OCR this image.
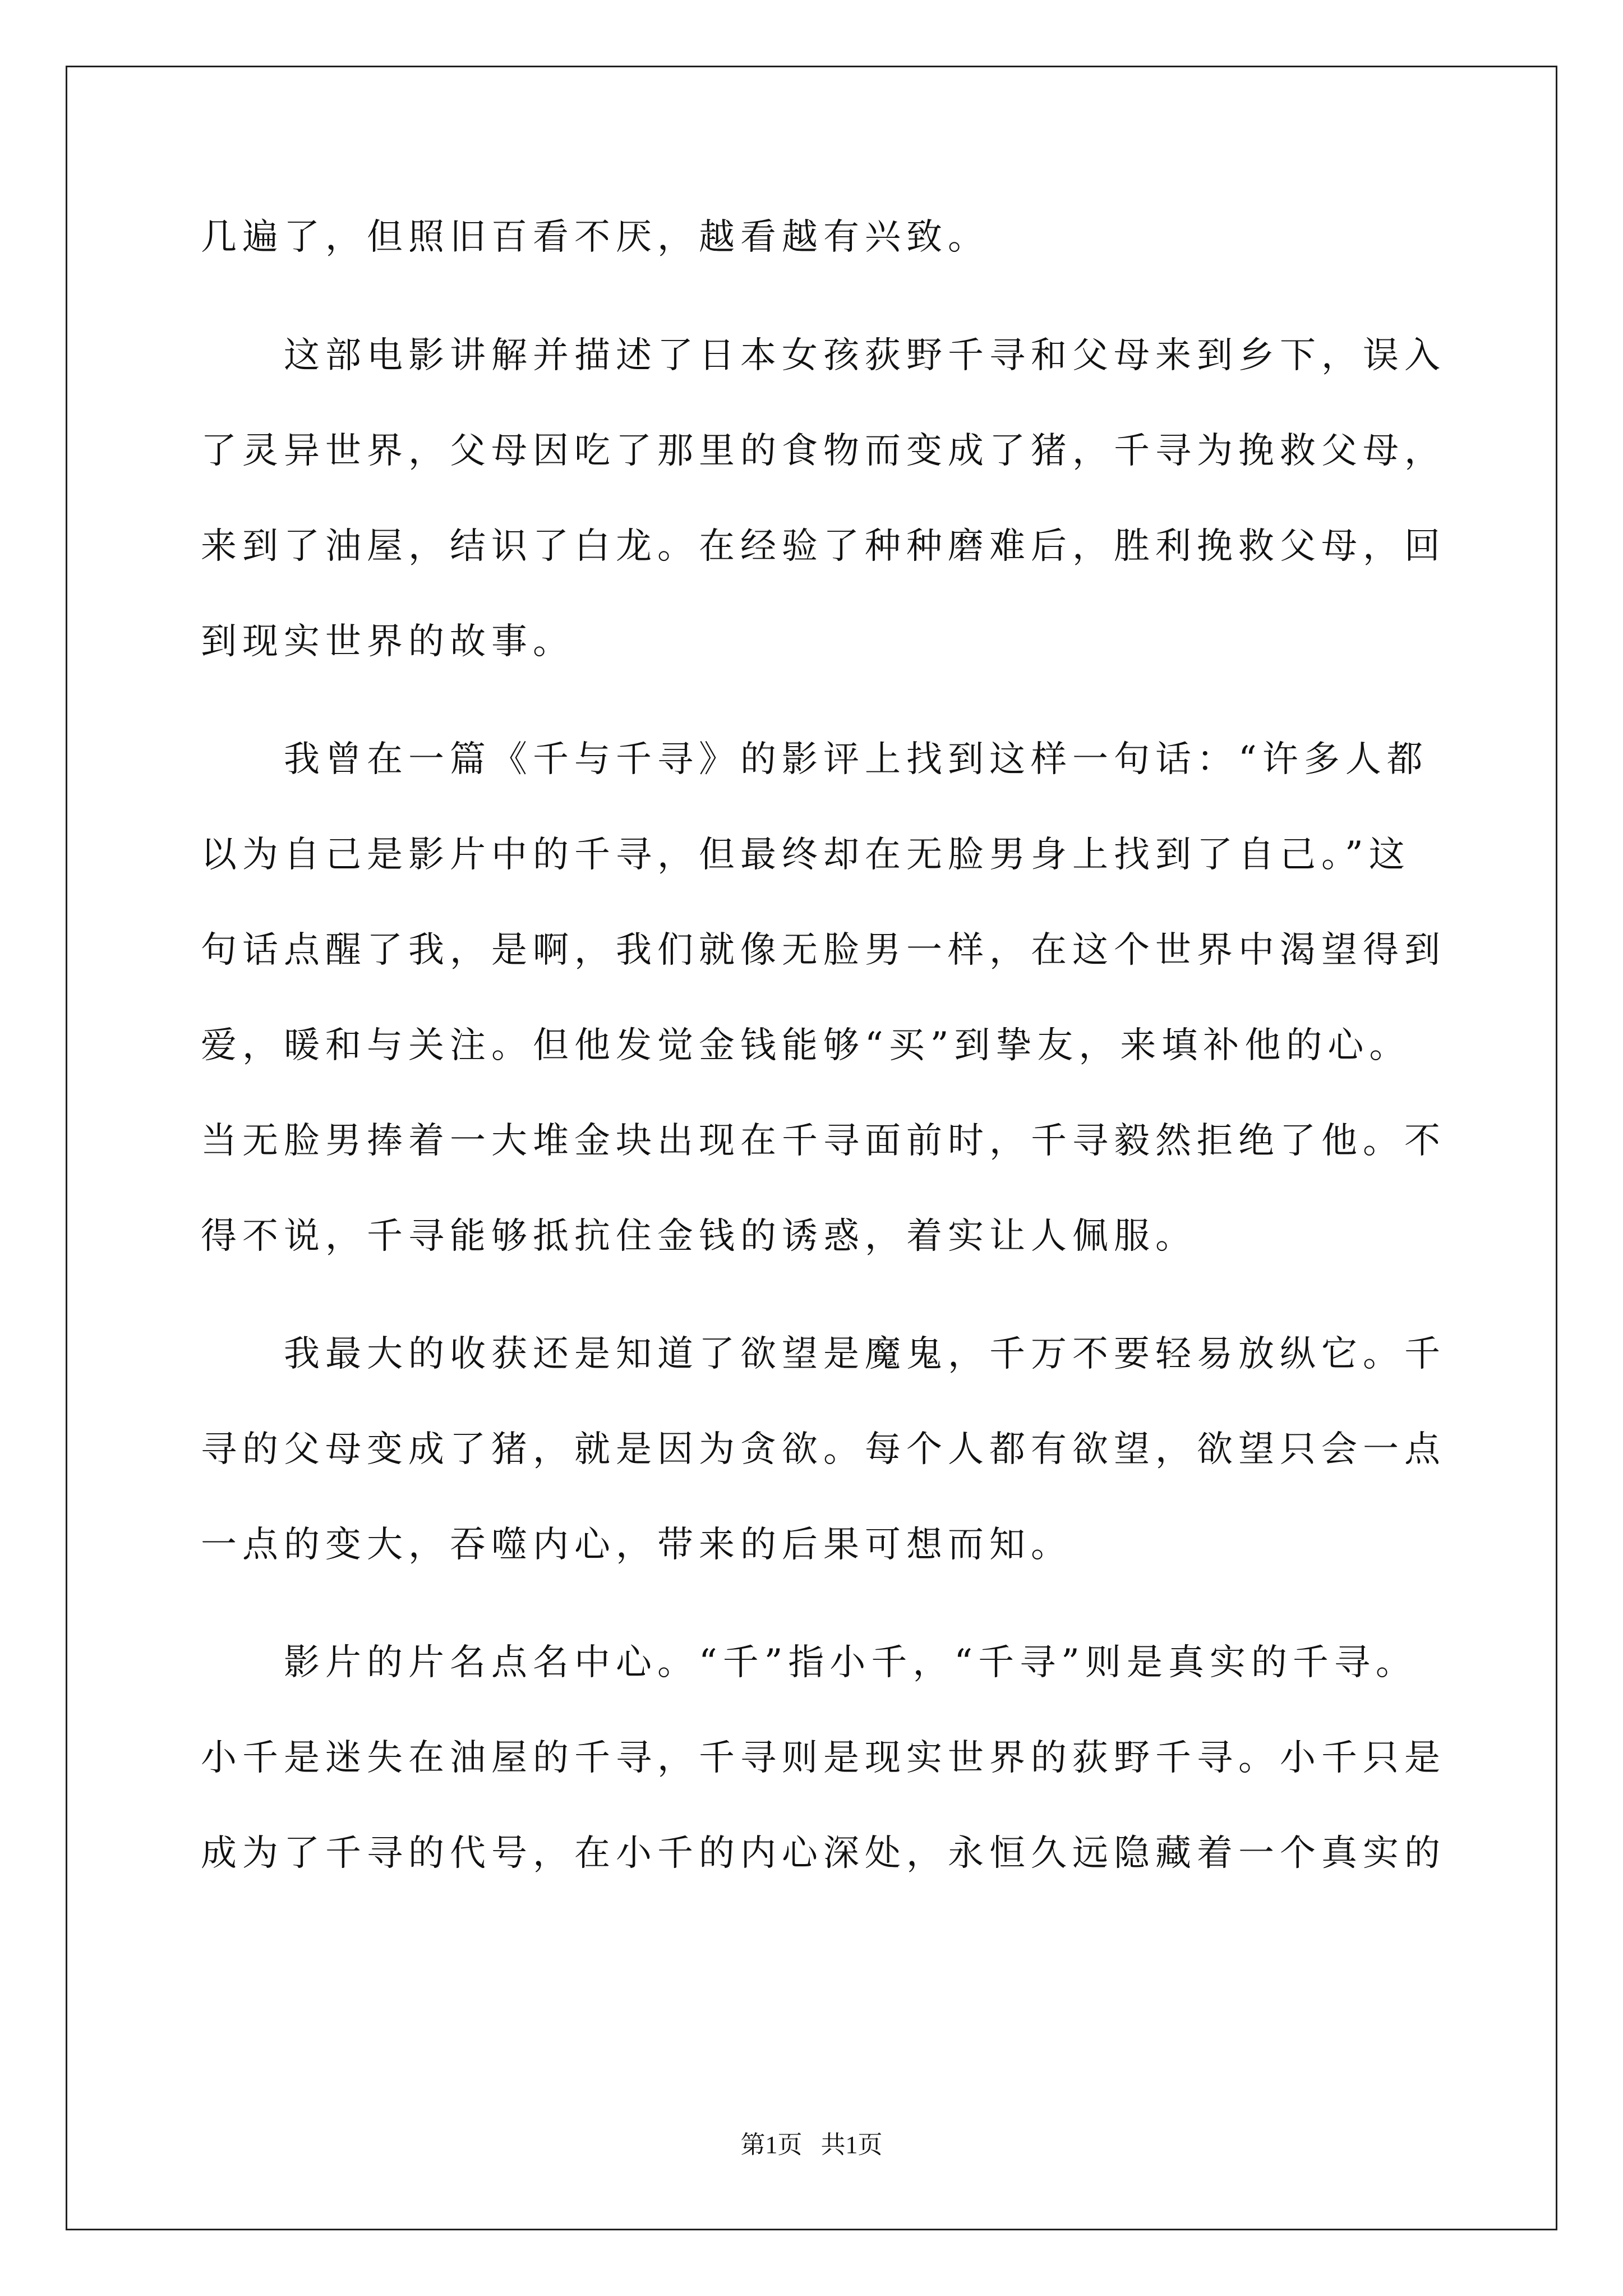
几遍了，但照旧百看不厌，越看越有兴致。
　　这部电影讲解并描述了日本女孩荻野千寻和父母来到乡下，误入
了灵异世界，父母因吃了那里的食物而变成了猪，千寻为挽救父母，
来到了油屋，结识了白龙。在经验了种种磨难后，胜利挽救父母，回
到现实世界的故事。
　　我曾在一篇《千与千寻》的影评上找到这样一句话：“许多人都
以为自己是影片中的千寻，但最终却在无脸男身上找到了自己。”这
句话点醒了我，是啊，我们就像无脸男一样，在这个世界中渴望得到
爱，暖和与关注。但他发觉金钱能够“买”到挚友，来填补他的心。
当无脸男捧着一大堆金块出现在千寻面前时，千寻毅然拒绝了他。不
得不说，千寻能够抵抗住金钱的诱惑，着实让人佩服。
　　我最大的收获还是知道了欲望是魔鬼，千万不要轻易放纵它。千
寻的父母变成了猪，就是因为贪欲。每个人都有欲望，欲望只会一点
一点的变大，吞噬内心，带来的后果可想而知。
　　影片的片名点名中心。“千”指小千，“千寻”则是真实的千寻。
小千是迷失在油屋的千寻，千寻则是现实世界的荻野千寻。小千只是
成为了千寻的代号，在小千的内心深处，永恒久远隐藏着一个真实的
第1页 共1页
